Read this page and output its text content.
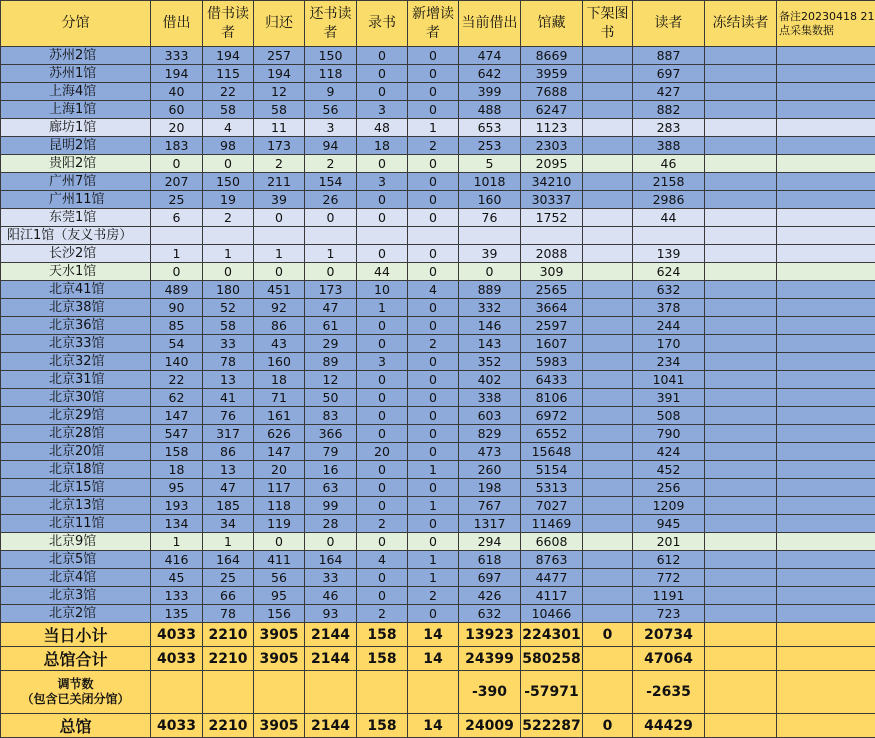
分馆	借出	借书读者	归还	还书读者	录书	新增读者	当前借出	馆藏	下架图书	读者	冻结读者	备注20230418 21点采集数据
苏州2馆	333	194	257	150	0	0	474	8669		887		
苏州1馆	194	115	194	118	0	0	642	3959		697		
上海4馆	40	22	12	9	0	0	399	7688		427		
上海1馆	60	58	58	56	3	0	488	6247		882		
廊坊1馆	20	4	11	3	48	1	653	1123		283		
昆明2馆	183	98	173	94	18	2	253	2303		388		
贵阳2馆	0	0	2	2	0	0	5	2095		46		
广州7馆	207	150	211	154	3	0	1018	34210		2158		
广州11馆	25	19	39	26	0	0	160	30337		2986		
东莞1馆	6	2	0	0	0	0	76	1752		44		
阳江1馆（友义书房）												
长沙2馆	1	1	1	1	0	0	39	2088		139		
天水1馆	0	0	0	0	44	0	0	309		624		
北京41馆	489	180	451	173	10	4	889	2565		632		
北京38馆	90	52	92	47	1	0	332	3664		378		
北京36馆	85	58	86	61	0	0	146	2597		244		
北京33馆	54	33	43	29	0	2	143	1607		170		
北京32馆	140	78	160	89	3	0	352	5983		234		
北京31馆	22	13	18	12	0	0	402	6433		1041		
北京30馆	62	41	71	50	0	0	338	8106		391		
北京29馆	147	76	161	83	0	0	603	6972		508		
北京28馆	547	317	626	366	0	0	829	6552		790		
北京20馆	158	86	147	79	20	0	473	15648		424		
北京18馆	18	13	20	16	0	1	260	5154		452		
北京15馆	95	47	117	63	0	0	198	5313		256		
北京13馆	193	185	118	99	0	1	767	7027		1209		
北京11馆	134	34	119	28	2	0	1317	11469		945		
北京9馆	1	1	0	0	0	0	294	6608		201		
北京5馆	416	164	411	164	4	1	618	8763		612		
北京4馆	45	25	56	33	0	1	697	4477		772		
北京3馆	133	66	95	46	0	2	426	4117		1191		
北京2馆	135	78	156	93	2	0	632	10466		723		
当日小计	4033	2210	3905	2144	158	14	13923	224301	0	20734		
总馆合计	4033	2210	3905	2144	158	14	24399	580258		47064		
调节数
（包含已关闭分馆）							-390	-57971		-2635		
总馆	4033	2210	3905	2144	158	14	24009	522287	0	44429		
